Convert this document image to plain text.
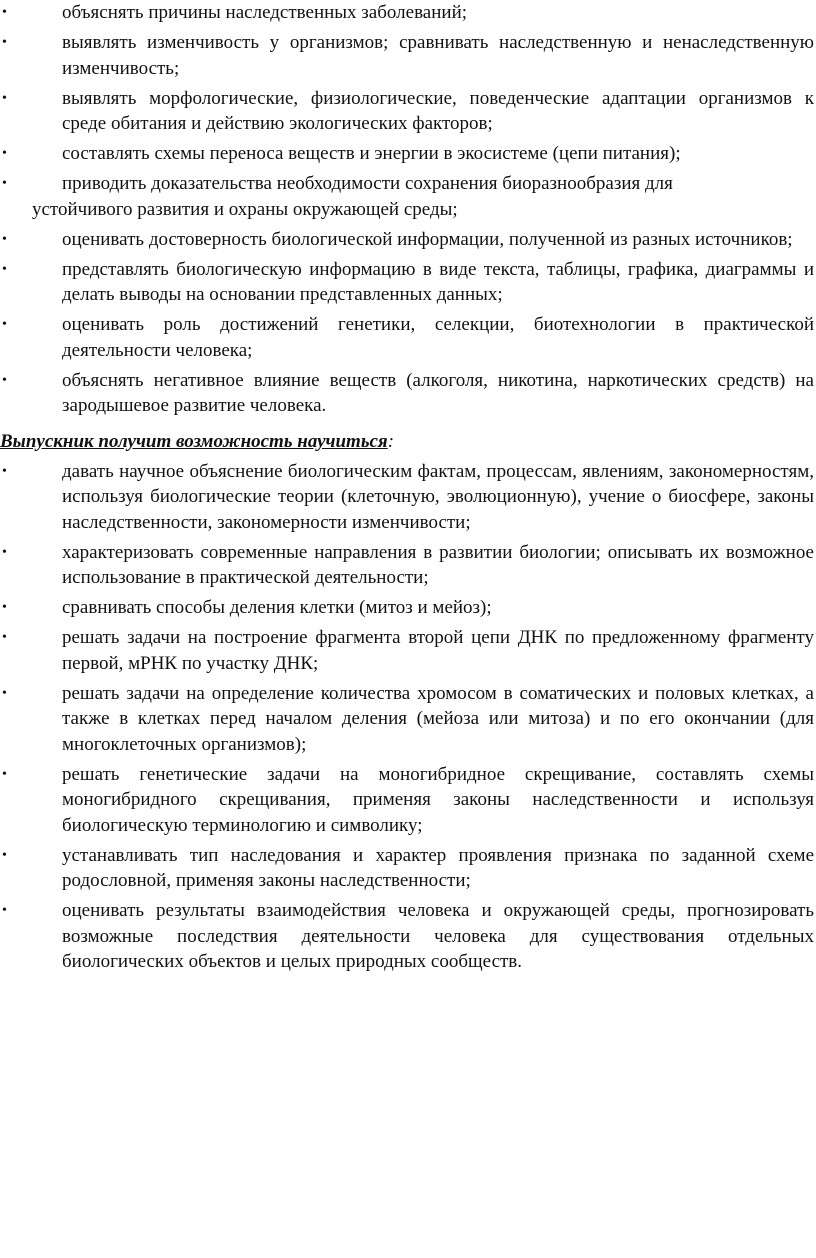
•	объяснять причины наследственных заболеваний;
•	выявлять изменчивость у организмов; сравнивать наследственную и ненаследственную изменчивость;
•	выявлять морфологические, физиологические, поведенческие адаптации организмов к среде обитания и действию экологических факторов;
•	составлять схемы переноса веществ и энергии в экосистеме (цепи питания);
•	приводить доказательства необходимости сохранения биоразнообразия для
устойчивого развития и охраны окружающей среды;
•	оценивать достоверность биологической информации, полученной из разных источников;
•	представлять биологическую информацию в виде текста, таблицы, графика, диаграммы и делать выводы на основании представленных данных;
•	оценивать роль достижений генетики, селекции, биотехнологии в практической деятельности человека;
•	объяснять негативное влияние веществ (алкоголя, никотина, наркотических средств) на зародышевое развитие человека.
Выпускник получит возможность научиться:
•	давать научное объяснение биологическим фактам, процессам, явлениям, закономерностям, используя биологические теории (клеточную, эволюционную), учение о биосфере, законы наследственности, закономерности изменчивости;
•	характеризовать современные направления в развитии биологии; описывать их возможное использование в практической деятельности;
•	сравнивать способы деления клетки (митоз и мейоз);
•	решать задачи на построение фрагмента второй цепи ДНК по предложенному фрагменту первой, мРНК по участку ДНК;
•	решать задачи на определение количества хромосом в соматических и половых клетках, а также в клетках перед началом деления (мейоза или митоза) и по его окончании (для многоклеточных организмов);
•	решать генетические задачи на моногибридное скрещивание, составлять схемы моногибридного скрещивания, применяя законы наследственности и используя биологическую терминологию и символику;
•	устанавливать тип наследования и характер проявления признака по заданной схеме родословной, применяя законы наследственности;
•	оценивать результаты взаимодействия человека и окружающей среды, прогнозировать возможные последствия деятельности человека для существования отдельных биологических объектов и целых природных сообществ.
